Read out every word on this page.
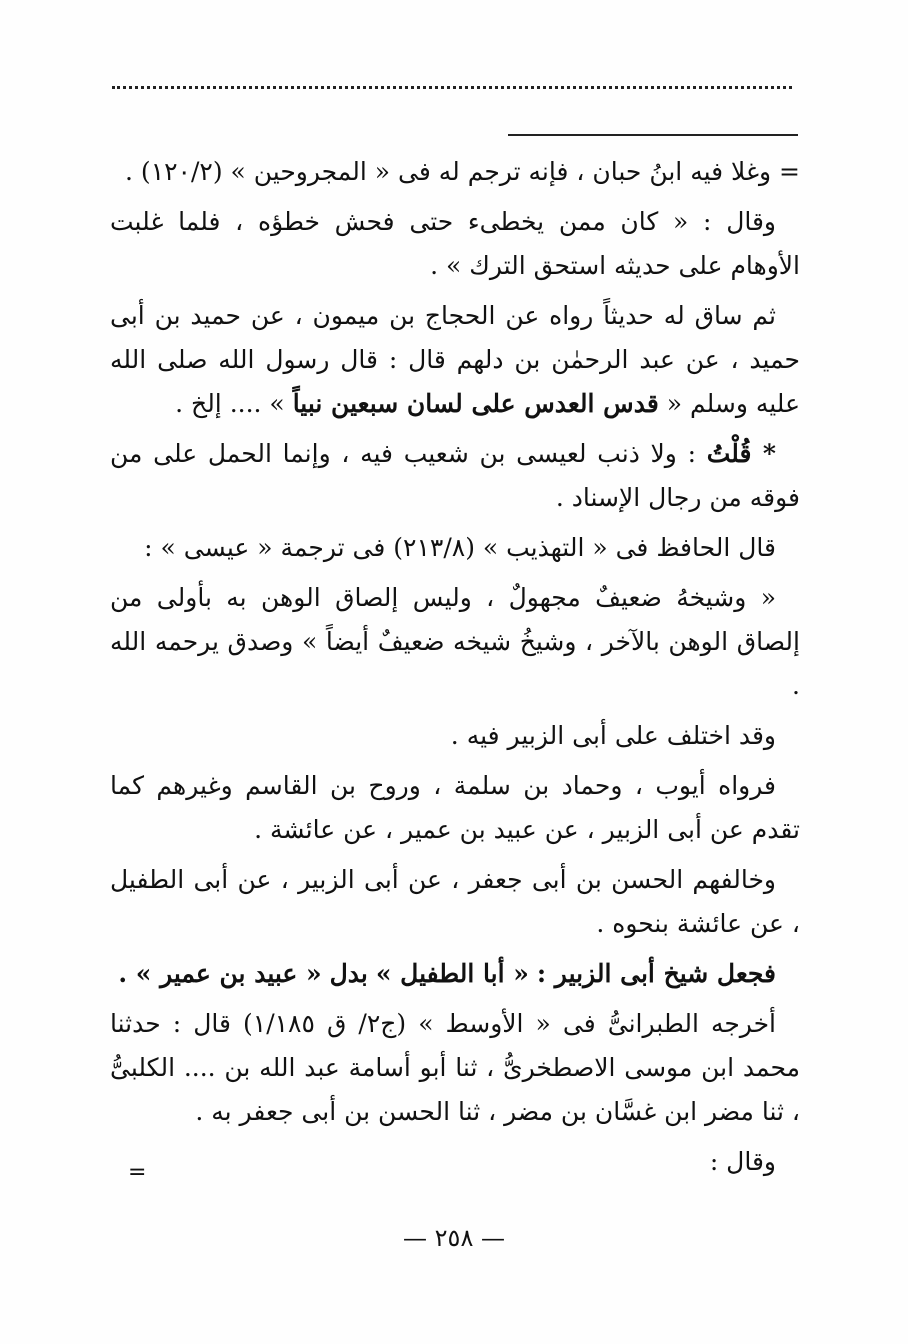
= وغلا فيه ابنُ حبان ، فإنه ترجم له فى « المجروحين » (١٢٠/٢) .

وقال : « كان ممن يخطىء حتى فحش خطؤه ، فلما غلبت الأوهام على حديثه استحق الترك » .

ثم ساق له حديثاً رواه عن الحجاج بن ميمون ، عن حميد بن أبى حميد ، عن عبد الرحمٰن بن دلهم قال : قال رسول الله صلى الله عليه وسلم « قدس العدس على لسان سبعين نبياً » .... إلخ .

* قُلْتُ : ولا ذنب لعيسى بن شعيب فيه ، وإنما الحمل على من فوقه من رجال الإسناد .

قال الحافظ فى « التهذيب » (٢١٣/٨) فى ترجمة « عيسى » :

« وشيخهُ ضعيفٌ مجهولٌ ، وليس إلصاق الوهن به بأولى من إلصاق الوهن بالآخر ، وشيخُ شيخه ضعيفٌ أيضاً » وصدق يرحمه الله .

وقد اختلف على أبى الزبير فيه .

فرواه أيوب ، وحماد بن سلمة ، وروح بن القاسم وغيرهم كما تقدم عن أبى الزبير ، عن عبيد بن عمير ، عن عائشة .

وخالفهم الحسن بن أبى جعفر ، عن أبى الزبير ، عن أبى الطفيل ، عن عائشة بنحوه .

فجعل شيخ أبى الزبير : « أبا الطفيل » بدل « عبيد بن عمير » .

أخرجه الطبرانىُّ فى « الأوسط » (ج٢/ ق ١/١٨٥) قال : حدثنا محمد ابن موسى الاصطخرىُّ ، ثنا أبو أسامة عبد الله بن .... الكلبىُّ ، ثنا مضر ابن غسَّان بن مضر ، ثنا الحسن بن أبى جعفر به .

وقال :

=
— ٢٥٨ —
